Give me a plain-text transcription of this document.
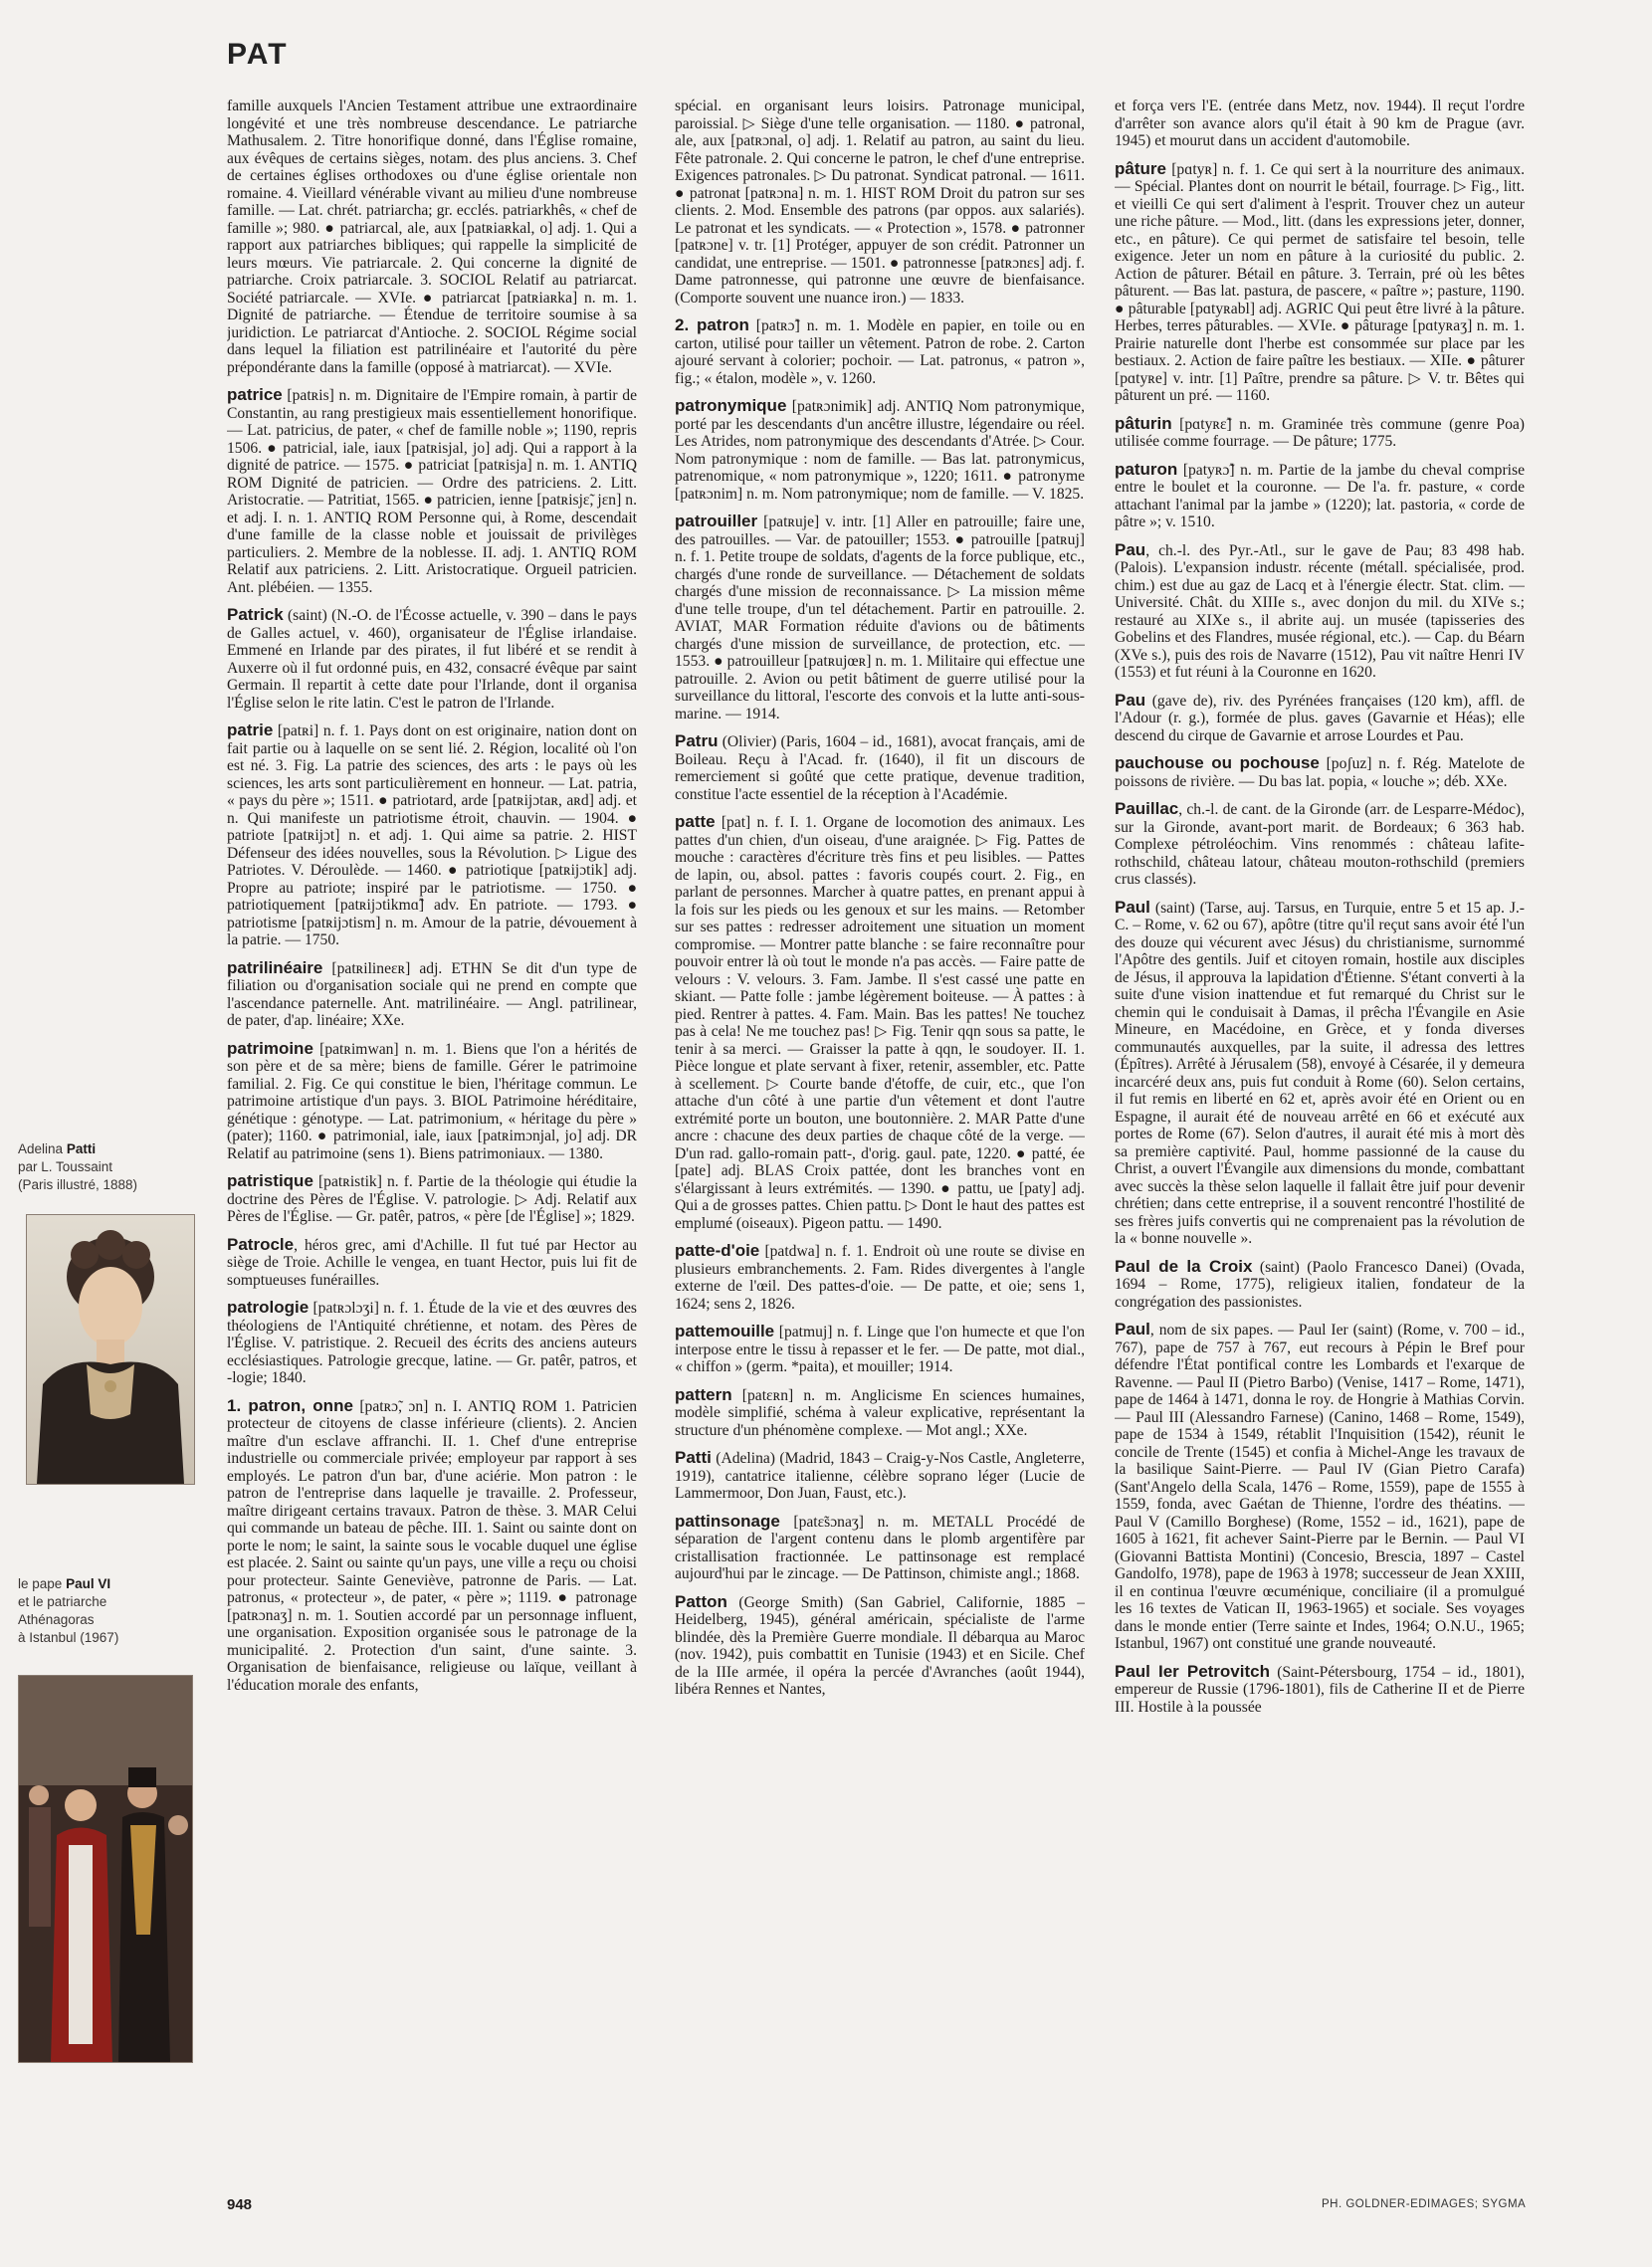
PAT

famille auxquels l'Ancien Testament attribue une extraordinaire longévité et une très nombreuse descendance. Le patriarche Mathusalem. 2. Titre honorifique donné, dans l'Église romaine, aux évêques de certains sièges, notam. des plus anciens. 3. Chef de certaines églises orthodoxes ou d'une église orientale non romaine. 4. Vieillard vénérable vivant au milieu d'une nombreuse famille. — Lat. chrét. patriarcha; gr. ecclés. patriarkhês, « chef de famille »; 980. ● patriarcal, ale, aux [patʀiaʀkal, o] adj. 1. Qui a rapport aux patriarches bibliques; qui rappelle la simplicité de leurs mœurs. Vie patriarcale. 2. Qui concerne la dignité de patriarche. Croix patriarcale. 3. SOCIOL Relatif au patriarcat. Société patriarcale. — XVIe. ● patriarcat [patʀiaʀka] n. m. 1. Dignité de patriarche. — Étendue de territoire soumise à sa juridiction. Le patriarcat d'Antioche. 2. SOCIOL Régime social dans lequel la filiation est patrilinéaire et l'autorité du père prépondérante dans la famille (opposé à matriarcat). — XVIe.

patrice [patʀis] n. m. Dignitaire de l'Empire romain, à partir de Constantin, au rang prestigieux mais essentiellement honorifique. — Lat. patricius, de pater, « chef de famille noble »; 1190, repris 1506. ● patricial, iale, iaux [patʀisjal, jo] adj. Qui a rapport à la dignité de patrice. — 1575. ● patriciat [patʀisja] n. m. 1. ANTIQ ROM Dignité de patricien. — Ordre des patriciens. 2. Litt. Aristocratie. — Patritiat, 1565. ● patricien, ienne [patʀisjɛ̃, jɛn] n. et adj. I. n. 1. ANTIQ ROM Personne qui, à Rome, descendait d'une famille de la classe noble et jouissait de privilèges particuliers. 2. Membre de la noblesse. II. adj. 1. ANTIQ ROM Relatif aux patriciens. 2. Litt. Aristocratique. Orgueil patricien. Ant. plébéien. — 1355.

Patrick (saint) (N.-O. de l'Écosse actuelle, v. 390 – dans le pays de Galles actuel, v. 460), organisateur de l'Église irlandaise. Emmené en Irlande par des pirates, il fut libéré et se rendit à Auxerre où il fut ordonné puis, en 432, consacré évêque par saint Germain. Il repartit à cette date pour l'Irlande, dont il organisa l'Église selon le rite latin. C'est le patron de l'Irlande.

patrie [patʀi] n. f. 1. Pays dont on est originaire, nation dont on fait partie ou à laquelle on se sent lié. 2. Région, localité où l'on est né. 3. Fig. La patrie des sciences, des arts : le pays où les sciences, les arts sont particulièrement en honneur. — Lat. patria, « pays du père »; 1511. ● patriotard, arde [patʀijɔtaʀ, aʀd] adj. et n. Qui manifeste un patriotisme étroit, chauvin. — 1904. ● patriote [patʀijɔt] n. et adj. 1. Qui aime sa patrie. 2. HIST Défenseur des idées nouvelles, sous la Révolution. ▷ Ligue des Patriotes. V. Déroulède. — 1460. ● patriotique [patʀijɔtik] adj. Propre au patriote; inspiré par le patriotisme. — 1750. ● patriotiquement [patʀijɔtikmɑ̃] adv. En patriote. — 1793. ● patriotisme [patʀijɔtism] n. m. Amour de la patrie, dévouement à la patrie. — 1750.

patrilinéaire [patʀilineɛʀ] adj. ETHN Se dit d'un type de filiation ou d'organisation sociale qui ne prend en compte que l'ascendance paternelle. Ant. matrilinéaire. — Angl. patrilinear, de pater, d'ap. linéaire; XXe.

patrimoine [patʀimwan] n. m. 1. Biens que l'on a hérités de son père et de sa mère; biens de famille. Gérer le patrimoine familial. 2. Fig. Ce qui constitue le bien, l'héritage commun. Le patrimoine artistique d'un pays. 3. BIOL Patrimoine héréditaire, génétique : génotype. — Lat. patrimonium, « héritage du père » (pater); 1160. ● patrimonial, iale, iaux [patʀimɔnjal, jo] adj. DR Relatif au patrimoine (sens 1). Biens patrimoniaux. — 1380.

patristique [patʀistik] n. f. Partie de la théologie qui étudie la doctrine des Pères de l'Église. V. patrologie. ▷ Adj. Relatif aux Pères de l'Église. — Gr. patêr, patros, « père [de l'Église] »; 1829.

Patrocle, héros grec, ami d'Achille. Il fut tué par Hector au siège de Troie. Achille le vengea, en tuant Hector, puis lui fit de somptueuses funérailles.

patrologie [patʀɔlɔʒi] n. f. 1. Étude de la vie et des œuvres des théologiens de l'Antiquité chrétienne, et notam. des Pères de l'Église. V. patristique. 2. Recueil des écrits des anciens auteurs ecclésiastiques. Patrologie grecque, latine. — Gr. patêr, patros, et -logie; 1840.

1. patron, onne [patʀɔ̃, ɔn] n. I. ANTIQ ROM 1. Patricien protecteur de citoyens de classe inférieure (clients). 2. Ancien maître d'un esclave affranchi. II. 1. Chef d'une entreprise industrielle ou commerciale privée; employeur par rapport à ses employés. Le patron d'un bar, d'une aciérie. Mon patron : le patron de l'entreprise dans laquelle je travaille. 2. Professeur, maître dirigeant certains travaux. Patron de thèse. 3. MAR Celui qui commande un bateau de pêche. III. 1. Saint ou sainte dont on porte le nom; le saint, la sainte sous le vocable duquel une église est placée. 2. Saint ou sainte qu'un pays, une ville a reçu ou choisi pour protecteur. Sainte Geneviève, patronne de Paris. — Lat. patronus, « protecteur », de pater, « père »; 1119. ● patronage [patʀɔnaʒ] n. m. 1. Soutien accordé par un personnage influent, une organisation. Exposition organisée sous le patronage de la municipalité. 2. Protection d'un saint, d'une sainte. 3. Organisation de bienfaisance, religieuse ou laïque, veillant à l'éducation morale des enfants,

spécial. en organisant leurs loisirs. Patronage municipal, paroissial. ▷ Siège d'une telle organisation. — 1180. ● patronal, ale, aux [patʀɔnal, o] adj. 1. Relatif au patron, au saint du lieu. Fête patronale. 2. Qui concerne le patron, le chef d'une entreprise. Exigences patronales. ▷ Du patronat. Syndicat patronal. — 1611. ● patronat [patʀɔna] n. m. 1. HIST ROM Droit du patron sur ses clients. 2. Mod. Ensemble des patrons (par oppos. aux salariés). Le patronat et les syndicats. — « Protection », 1578. ● patronner [patʀɔne] v. tr. [1] Protéger, appuyer de son crédit. Patronner un candidat, une entreprise. — 1501. ● patronnesse [patʀɔnɛs] adj. f. Dame patronnesse, qui patronne une œuvre de bienfaisance. (Comporte souvent une nuance iron.) — 1833.

2. patron [patʀɔ̃] n. m. 1. Modèle en papier, en toile ou en carton, utilisé pour tailler un vêtement. Patron de robe. 2. Carton ajouré servant à colorier; pochoir. — Lat. patronus, « patron », fig.; « étalon, modèle », v. 1260.

patronymique [patʀɔnimik] adj. ANTIQ Nom patronymique, porté par les descendants d'un ancêtre illustre, légendaire ou réel. Les Atrides, nom patronymique des descendants d'Atrée. ▷ Cour. Nom patronymique : nom de famille. — Bas lat. patronymicus, patrenomique, « nom patronymique », 1220; 1611. ● patronyme [patʀɔnim] n. m. Nom patronymique; nom de famille. — V. 1825.

patrouiller [patʀuje] v. intr. [1] Aller en patrouille; faire une, des patrouilles. — Var. de patouiller; 1553. ● patrouille [patʀuj] n. f. 1. Petite troupe de soldats, d'agents de la force publique, etc., chargés d'une ronde de surveillance. — Détachement de soldats chargés d'une mission de reconnaissance. ▷ La mission même d'une telle troupe, d'un tel détachement. Partir en patrouille. 2. AVIAT, MAR Formation réduite d'avions ou de bâtiments chargés d'une mission de surveillance, de protection, etc. — 1553. ● patrouilleur [patʀujœʀ] n. m. 1. Militaire qui effectue une patrouille. 2. Avion ou petit bâtiment de guerre utilisé pour la surveillance du littoral, l'escorte des convois et la lutte anti-sous-marine. — 1914.

Patru (Olivier) (Paris, 1604 – id., 1681), avocat français, ami de Boileau. Reçu à l'Acad. fr. (1640), il fit un discours de remerciement si goûté que cette pratique, devenue tradition, constitue l'acte essentiel de la réception à l'Académie.

patte [pat] n. f. I. 1. Organe de locomotion des animaux. Les pattes d'un chien, d'un oiseau, d'une araignée. ▷ Fig. Pattes de mouche : caractères d'écriture très fins et peu lisibles. — Pattes de lapin, ou, absol. pattes : favoris coupés court. 2. Fig., en parlant de personnes. Marcher à quatre pattes, en prenant appui à la fois sur les pieds ou les genoux et sur les mains. — Retomber sur ses pattes : redresser adroitement une situation un moment compromise. — Montrer patte blanche : se faire reconnaître pour pouvoir entrer là où tout le monde n'a pas accès. — Faire patte de velours : V. velours. 3. Fam. Jambe. Il s'est cassé une patte en skiant. — Patte folle : jambe légèrement boiteuse. — À pattes : à pied. Rentrer à pattes. 4. Fam. Main. Bas les pattes! Ne touchez pas à cela! Ne me touchez pas! ▷ Fig. Tenir qqn sous sa patte, le tenir à sa merci. — Graisser la patte à qqn, le soudoyer. II. 1. Pièce longue et plate servant à fixer, retenir, assembler, etc. Patte à scellement. ▷ Courte bande d'étoffe, de cuir, etc., que l'on attache d'un côté à une partie d'un vêtement et dont l'autre extrémité porte un bouton, une boutonnière. 2. MAR Patte d'une ancre : chacune des deux parties de chaque côté de la verge. — D'un rad. gallo-romain patt-, d'orig. gaul. pate, 1220. ● patté, ée [pate] adj. BLAS Croix pattée, dont les branches vont en s'élargissant à leurs extrémités. — 1390. ● pattu, ue [paty] adj. Qui a de grosses pattes. Chien pattu. ▷ Dont le haut des pattes est emplumé (oiseaux). Pigeon pattu. — 1490.

patte-d'oie [patdwa] n. f. 1. Endroit où une route se divise en plusieurs embranchements. 2. Fam. Rides divergentes à l'angle externe de l'œil. Des pattes-d'oie. — De patte, et oie; sens 1, 1624; sens 2, 1826.

pattemouille [patmuj] n. f. Linge que l'on humecte et que l'on interpose entre le tissu à repasser et le fer. — De patte, mot dial., « chiffon » (germ. *paita), et mouiller; 1914.

pattern [patɛʀn] n. m. Anglicisme En sciences humaines, modèle simplifié, schéma à valeur explicative, représentant la structure d'un phénomène complexe. — Mot angl.; XXe.

Patti (Adelina) (Madrid, 1843 – Craig-y-Nos Castle, Angleterre, 1919), cantatrice italienne, célèbre soprano léger (Lucie de Lammermoor, Don Juan, Faust, etc.).

pattinsonage [patɛ̃sɔnaʒ] n. m. METALL Procédé de séparation de l'argent contenu dans le plomb argentifère par cristallisation fractionnée. Le pattinsonage est remplacé aujourd'hui par le zincage. — De Pattinson, chimiste angl.; 1868.

Patton (George Smith) (San Gabriel, Californie, 1885 – Heidelberg, 1945), général américain, spécialiste de l'arme blindée, dès la Première Guerre mondiale. Il débarqua au Maroc (nov. 1942), puis combattit en Tunisie (1943) et en Sicile. Chef de la IIIe armée, il opéra la percée d'Avranches (août 1944), libéra Rennes et Nantes,

et força vers l'E. (entrée dans Metz, nov. 1944). Il reçut l'ordre d'arrêter son avance alors qu'il était à 90 km de Prague (avr. 1945) et mourut dans un accident d'automobile.

pâture [pɑtyʀ] n. f. 1. Ce qui sert à la nourriture des animaux. — Spécial. Plantes dont on nourrit le bétail, fourrage. ▷ Fig., litt. et vieilli Ce qui sert d'aliment à l'esprit. Trouver chez un auteur une riche pâture. — Mod., litt. (dans les expressions jeter, donner, etc., en pâture). Ce qui permet de satisfaire tel besoin, telle exigence. Jeter un nom en pâture à la curiosité du public. 2. Action de pâturer. Bétail en pâture. 3. Terrain, pré où les bêtes pâturent. — Bas lat. pastura, de pascere, « paître »; pasture, 1190. ● pâturable [pɑtyʀabl] adj. AGRIC Qui peut être livré à la pâture. Herbes, terres pâturables. — XVIe. ● pâturage [pɑtyʀaʒ] n. m. 1. Prairie naturelle dont l'herbe est consommée sur place par les bestiaux. 2. Action de faire paître les bestiaux. — XIIe. ● pâturer [pɑtyʀe] v. intr. [1] Paître, prendre sa pâture. ▷ V. tr. Bêtes qui pâturent un pré. — 1160.

pâturin [pɑtyʀɛ̃] n. m. Graminée très commune (genre Poa) utilisée comme fourrage. — De pâture; 1775.

paturon [patyʀɔ̃] n. m. Partie de la jambe du cheval comprise entre le boulet et la couronne. — De l'a. fr. pasture, « corde attachant l'animal par la jambe » (1220); lat. pastoria, « corde de pâtre »; v. 1510.

Pau, ch.-l. des Pyr.-Atl., sur le gave de Pau; 83 498 hab. (Palois). L'expansion industr. récente (métall. spécialisée, prod. chim.) est due au gaz de Lacq et à l'énergie électr. Stat. clim. — Université. Chât. du XIIIe s., avec donjon du mil. du XIVe s.; restauré au XIXe s., il abrite auj. un musée (tapisseries des Gobelins et des Flandres, musée régional, etc.). — Cap. du Béarn (XVe s.), puis des rois de Navarre (1512), Pau vit naître Henri IV (1553) et fut réuni à la Couronne en 1620.

Pau (gave de), riv. des Pyrénées françaises (120 km), affl. de l'Adour (r. g.), formée de plus. gaves (Gavarnie et Héas); elle descend du cirque de Gavarnie et arrose Lourdes et Pau.

pauchouse ou pochouse [poʃuz] n. f. Rég. Matelote de poissons de rivière. — Du bas lat. popia, « louche »; déb. XXe.

Pauillac, ch.-l. de cant. de la Gironde (arr. de Lesparre-Médoc), sur la Gironde, avant-port marit. de Bordeaux; 6 363 hab. Complexe pétroléochim. Vins renommés : château lafite-rothschild, château latour, château mouton-rothschild (premiers crus classés).

Paul (saint) (Tarse, auj. Tarsus, en Turquie, entre 5 et 15 ap. J.-C. – Rome, v. 62 ou 67), apôtre (titre qu'il reçut sans avoir été l'un des douze qui vécurent avec Jésus) du christianisme, surnommé l'Apôtre des gentils. Juif et citoyen romain, hostile aux disciples de Jésus, il approuva la lapidation d'Étienne. S'étant converti à la suite d'une vision inattendue et fut remarqué du Christ sur le chemin qui le conduisait à Damas, il prêcha l'Évangile en Asie Mineure, en Macédoine, en Grèce, et y fonda diverses communautés auxquelles, par la suite, il adressa des lettres (Épîtres). Arrêté à Jérusalem (58), envoyé à Césarée, il y demeura incarcéré deux ans, puis fut conduit à Rome (60). Selon certains, il fut remis en liberté en 62 et, après avoir été en Orient ou en Espagne, il aurait été de nouveau arrêté en 66 et exécuté aux portes de Rome (67). Selon d'autres, il aurait été mis à mort dès sa première captivité. Paul, homme passionné de la cause du Christ, a ouvert l'Évangile aux dimensions du monde, combattant avec succès la thèse selon laquelle il fallait être juif pour devenir chrétien; dans cette entreprise, il a souvent rencontré l'hostilité de ses frères juifs convertis qui ne comprenaient pas la révolution de la « bonne nouvelle ».

Paul de la Croix (saint) (Paolo Francesco Danei) (Ovada, 1694 – Rome, 1775), religieux italien, fondateur de la congrégation des passionistes.

Paul, nom de six papes. — Paul Ier (saint) (Rome, v. 700 – id., 767), pape de 757 à 767, eut recours à Pépin le Bref pour défendre l'État pontifical contre les Lombards et l'exarque de Ravenne. — Paul II (Pietro Barbo) (Venise, 1417 – Rome, 1471), pape de 1464 à 1471, donna le roy. de Hongrie à Mathias Corvin. — Paul III (Alessandro Farnese) (Canino, 1468 – Rome, 1549), pape de 1534 à 1549, rétablit l'Inquisition (1542), réunit le concile de Trente (1545) et confia à Michel-Ange les travaux de la basilique Saint-Pierre. — Paul IV (Gian Pietro Carafa) (Sant'Angelo della Scala, 1476 – Rome, 1559), pape de 1555 à 1559, fonda, avec Gaétan de Thienne, l'ordre des théatins. — Paul V (Camillo Borghese) (Rome, 1552 – id., 1621), pape de 1605 à 1621, fit achever Saint-Pierre par le Bernin. — Paul VI (Giovanni Battista Montini) (Concesio, Brescia, 1897 – Castel Gandolfo, 1978), pape de 1963 à 1978; successeur de Jean XXIII, il en continua l'œuvre œcuménique, conciliaire (il a promulgué les 16 textes de Vatican II, 1963-1965) et sociale. Ses voyages dans le monde entier (Terre sainte et Indes, 1964; O.N.U., 1965; Istanbul, 1967) ont constitué une grande nouveauté.

Paul Ier Petrovitch (Saint-Pétersbourg, 1754 – id., 1801), empereur de Russie (1796-1801), fils de Catherine II et de Pierre III. Hostile à la poussée

Adelina Patti
par L. Toussaint
(Paris illustré, 1888)
le pape Paul VI
et le patriarche
Athénagoras
à Istanbul (1967)
948	PH. GOLDNER-EDIMAGES; SYGMA
